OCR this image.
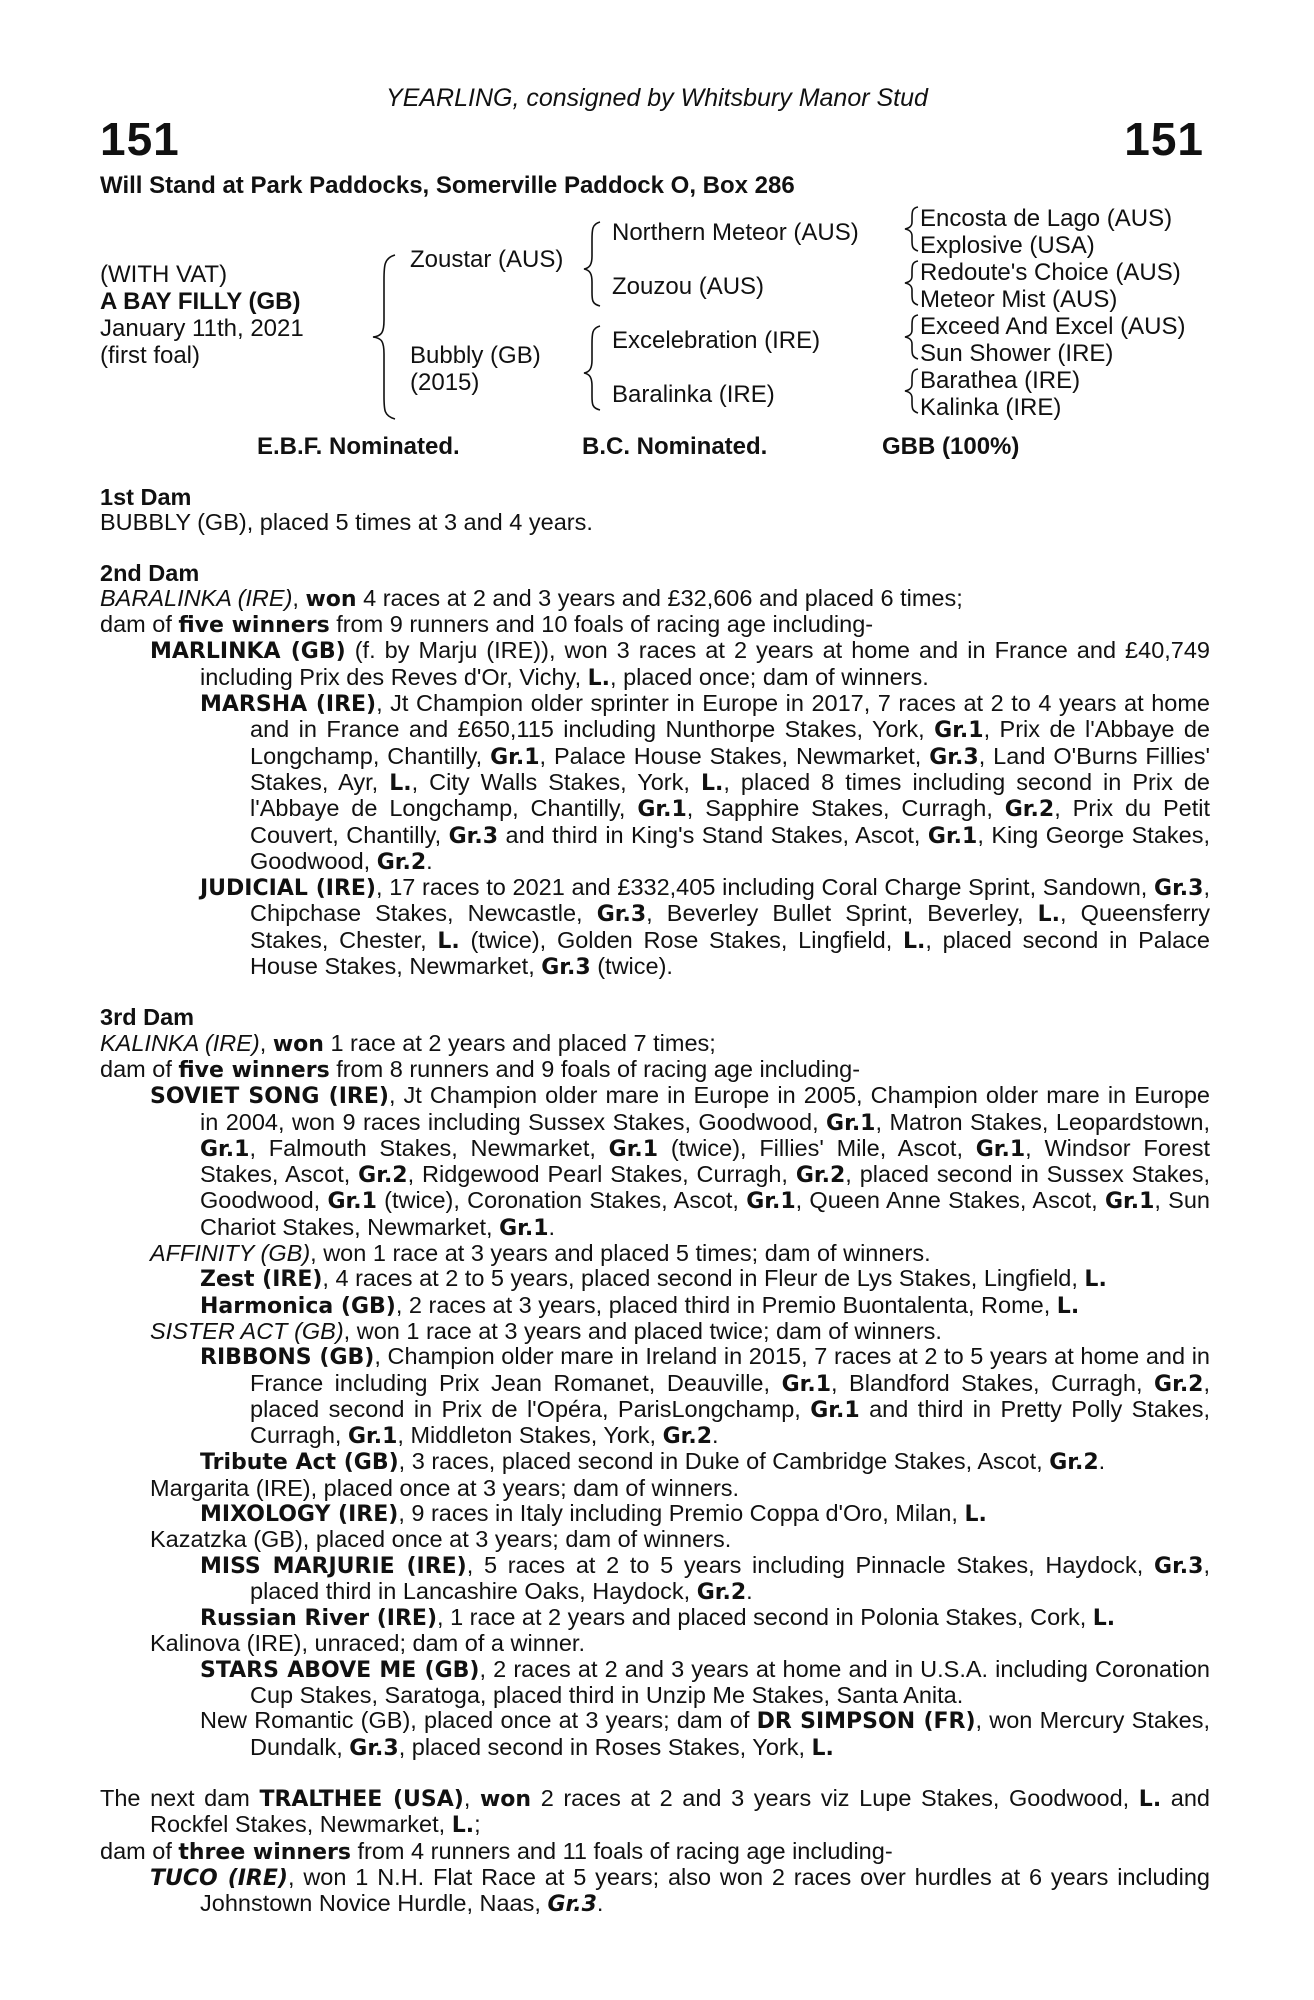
YEARLING, consigned by Whitsbury Manor Stud
151	151
Will Stand at Park Paddocks, Somerville Paddock O, Box 286
(WITH VAT)
A BAY FILLY (GB)
January 11th, 2021
(first foal)
Zoustar (AUS)
Bubbly (GB)
(2015)
Northern Meteor (AUS)
Zouzou (AUS)
Excelebration (IRE)
Baralinka (IRE)
Encosta de Lago (AUS)
Explosive (USA)
Redoute's Choice (AUS)
Meteor Mist (AUS)
Exceed And Excel (AUS)
Sun Shower (IRE)
Barathea (IRE)
Kalinka (IRE)
E.B.F. Nominated.	B.C. Nominated.	GBB (100%)
1st Dam
BUBBLY (GB), placed 5 times at 3 and 4 years.
2nd Dam
BARALINKA (IRE), won 4 races at 2 and 3 years and £32,606 and placed 6 times;
dam of five winners from 9 runners and 10 foals of racing age including-
MARLINKA (GB) (f. by Marju (IRE)), won 3 races at 2 years at home and in France and £40,749 including Prix des Reves d'Or, Vichy, L., placed once; dam of winners.
MARSHA (IRE), Jt Champion older sprinter in Europe in 2017, 7 races at 2 to 4 years at home and in France and £650,115 including Nunthorpe Stakes, York, Gr.1, Prix de l'Abbaye de Longchamp, Chantilly, Gr.1, Palace House Stakes, Newmarket, Gr.3, Land O'Burns Fillies' Stakes, Ayr, L., City Walls Stakes, York, L., placed 8 times including second in Prix de l'Abbaye de Longchamp, Chantilly, Gr.1, Sapphire Stakes, Curragh, Gr.2, Prix du Petit Couvert, Chantilly, Gr.3 and third in King's Stand Stakes, Ascot, Gr.1, King George Stakes, Goodwood, Gr.2.
JUDICIAL (IRE), 17 races to 2021 and £332,405 including Coral Charge Sprint, Sandown, Gr.3, Chipchase Stakes, Newcastle, Gr.3, Beverley Bullet Sprint, Beverley, L., Queensferry Stakes, Chester, L. (twice), Golden Rose Stakes, Lingfield, L., placed second in Palace House Stakes, Newmarket, Gr.3 (twice).
3rd Dam
KALINKA (IRE), won 1 race at 2 years and placed 7 times;
dam of five winners from 8 runners and 9 foals of racing age including-
SOVIET SONG (IRE), Jt Champion older mare in Europe in 2005, Champion older mare in Europe in 2004, won 9 races including Sussex Stakes, Goodwood, Gr.1, Matron Stakes, Leopardstown, Gr.1, Falmouth Stakes, Newmarket, Gr.1 (twice), Fillies' Mile, Ascot, Gr.1, Windsor Forest Stakes, Ascot, Gr.2, Ridgewood Pearl Stakes, Curragh, Gr.2, placed second in Sussex Stakes, Goodwood, Gr.1 (twice), Coronation Stakes, Ascot, Gr.1, Queen Anne Stakes, Ascot, Gr.1, Sun Chariot Stakes, Newmarket, Gr.1.
AFFINITY (GB), won 1 race at 3 years and placed 5 times; dam of winners.
Zest (IRE), 4 races at 2 to 5 years, placed second in Fleur de Lys Stakes, Lingfield, L.
Harmonica (GB), 2 races at 3 years, placed third in Premio Buontalenta, Rome, L.
SISTER ACT (GB), won 1 race at 3 years and placed twice; dam of winners.
RIBBONS (GB), Champion older mare in Ireland in 2015, 7 races at 2 to 5 years at home and in France including Prix Jean Romanet, Deauville, Gr.1, Blandford Stakes, Curragh, Gr.2, placed second in Prix de l'Opéra, ParisLongchamp, Gr.1 and third in Pretty Polly Stakes, Curragh, Gr.1, Middleton Stakes, York, Gr.2.
Tribute Act (GB), 3 races, placed second in Duke of Cambridge Stakes, Ascot, Gr.2.
Margarita (IRE), placed once at 3 years; dam of winners.
MIXOLOGY (IRE), 9 races in Italy including Premio Coppa d'Oro, Milan, L.
Kazatzka (GB), placed once at 3 years; dam of winners.
MISS MARJURIE (IRE), 5 races at 2 to 5 years including Pinnacle Stakes, Haydock, Gr.3, placed third in Lancashire Oaks, Haydock, Gr.2.
Russian River (IRE), 1 race at 2 years and placed second in Polonia Stakes, Cork, L.
Kalinova (IRE), unraced; dam of a winner.
STARS ABOVE ME (GB), 2 races at 2 and 3 years at home and in U.S.A. including Coronation Cup Stakes, Saratoga, placed third in Unzip Me Stakes, Santa Anita.
New Romantic (GB), placed once at 3 years; dam of DR SIMPSON (FR), won Mercury Stakes, Dundalk, Gr.3, placed second in Roses Stakes, York, L.
The next dam TRALTHEE (USA), won 2 races at 2 and 3 years viz Lupe Stakes, Goodwood, L. and Rockfel Stakes, Newmarket, L.;
dam of three winners from 4 runners and 11 foals of racing age including-
TUCO (IRE), won 1 N.H. Flat Race at 5 years; also won 2 races over hurdles at 6 years including Johnstown Novice Hurdle, Naas, Gr.3.
